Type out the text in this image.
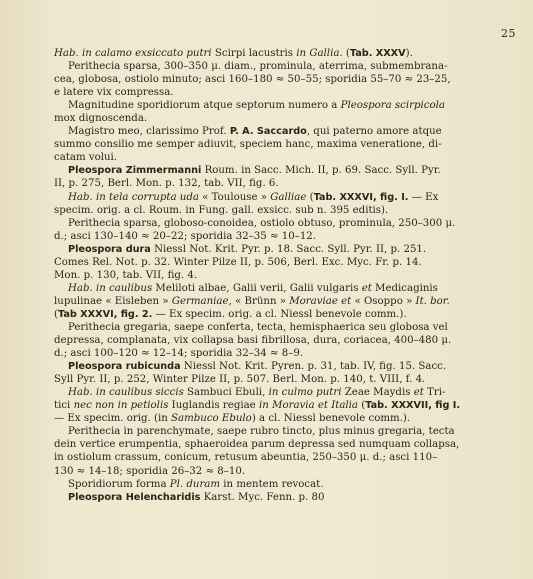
25
Hab. in calamo exsiccato putri Scirpi lacustris in Gallia. (Tab. XXXV).
Perithecia sparsa, 300–350 μ. diam., prominula, aterrima, submembrana-
cea, globosa, ostiolo minuto; asci 160–180 ≈ 50–55; sporidia 55–70 ≈ 23–25,
e latere vix compressa.
Magnitudine sporidiorum atque septorum numero a Pleospora scirpicola
mox dignoscenda.
Magistro meo, clarissimo Prof. P. A. Saccardo, qui paterno amore atque
summo consilio me semper adiuvit, speciem hanc, maxima veneratione, di-
catam volui.
Pleospora Zimmermanni Roum. in Sacc. Mich. II, p. 69. Sacc. Syll. Pyr.
II, p. 275, Berl. Mon. p. 132, tab. VII, fig. 6.
Hab. in tela corrupta uda « Toulouse » Galliae (Tab. XXXVI, fig. I. — Ex
specim. orig. a cl. Roum. in Fung. gall. exsicc. sub n. 395 editis).
Perithecia sparsa, globoso-conoidea, ostiolo obtuso, prominula, 250–300 μ.
d.; asci 130–140 ≈ 20–22; sporidia 32–35 ≈ 10–12.
Pleospora dura Niessl Not. Krit. Pyr. p. 18. Sacc. Syll. Pyr. II, p. 251.
Comes Rel. Not. p. 32. Winter Pilze II, p. 506, Berl. Exc. Myc. Fr. p. 14.
Mon. p. 130, tab. VII, fig. 4.
Hab. in caulibus Meliloti albae, Galii verii, Galii vulgaris et Medicaginis
lupulinae « Eisleben » Germaniae, « Brünn » Moraviae et « Osoppo » It. bor.
(Tab XXXVI, fig. 2. — Ex specim. orig. a cl. Niessl benevole comm.).
Perithecia gregaria, saepe conferta, tecta, hemisphaerica seu globosa vel
depressa, complanata, vix collapsa basi fibrillosa, dura, coriacea, 400–480 μ.
d.; asci 100–120 ≈ 12–14; sporidia 32–34 ≈ 8–9.
Pleospora rubicunda Niessl Not. Krit. Pyren. p. 31, tab. IV, fig. 15. Sacc.
Syll Pyr. II, p. 252, Winter Pilze II, p. 507. Berl. Mon. p. 140, t. VIII, f. 4.
Hab. in caulibus siccis Sambuci Ebuli, in culmo putri Zeae Maydis et Tri-
tici nec non in petiolis Iuglandis regiae in Moravia et Italia (Tab. XXXVII, fig I.
— Ex specim. orig. (in Sambuco Ebulo) a cl. Niessl benevole comm.).
Perithecia in parenchymate, saepe rubro tincto, plus minus gregaria, tecta
dein vertice erumpentia, sphaeroidea parum depressa sed numquam collapsa,
in ostiolum crassum, conicum, retusum abeuntia, 250–350 μ. d.; asci 110–
130 ≈ 14–18; sporidia 26–32 ≈ 8–10.
Sporidiorum forma Pl. duram in mentem revocat.
Pleospora Helencharidis Karst. Myc. Fenn. p. 80
